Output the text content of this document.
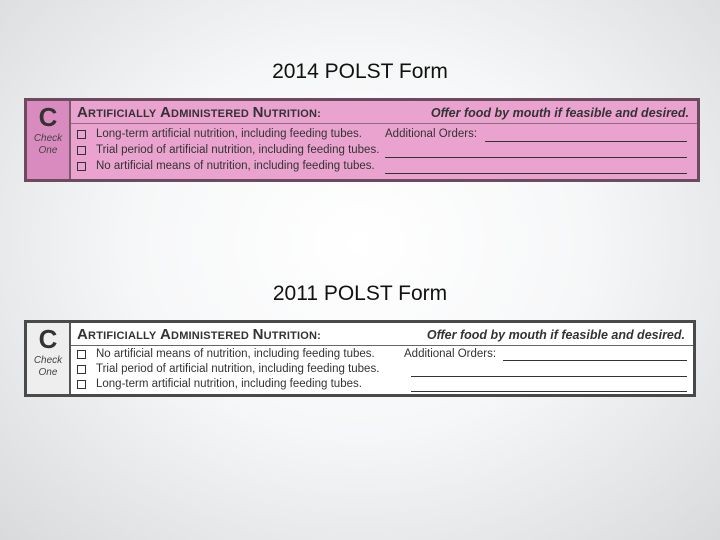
2014 POLST Form
C
Check
One
ARTIFICIALLY ADMINISTERED NUTRITION:	Offer food by mouth if feasible and desired.
Long-term artificial nutrition, including feeding tubes.
Trial period of artificial nutrition, including feeding tubes.
No artificial means of nutrition, including feeding tubes.
Additional Orders:
2011 POLST Form
C
Check
One
ARTIFICIALLY ADMINISTERED NUTRITION:	Offer food by mouth if feasible and desired.
No artificial means of nutrition, including feeding tubes.
Trial period of artificial nutrition, including feeding tubes.
Long-term artificial nutrition, including feeding tubes.
Additional Orders:
